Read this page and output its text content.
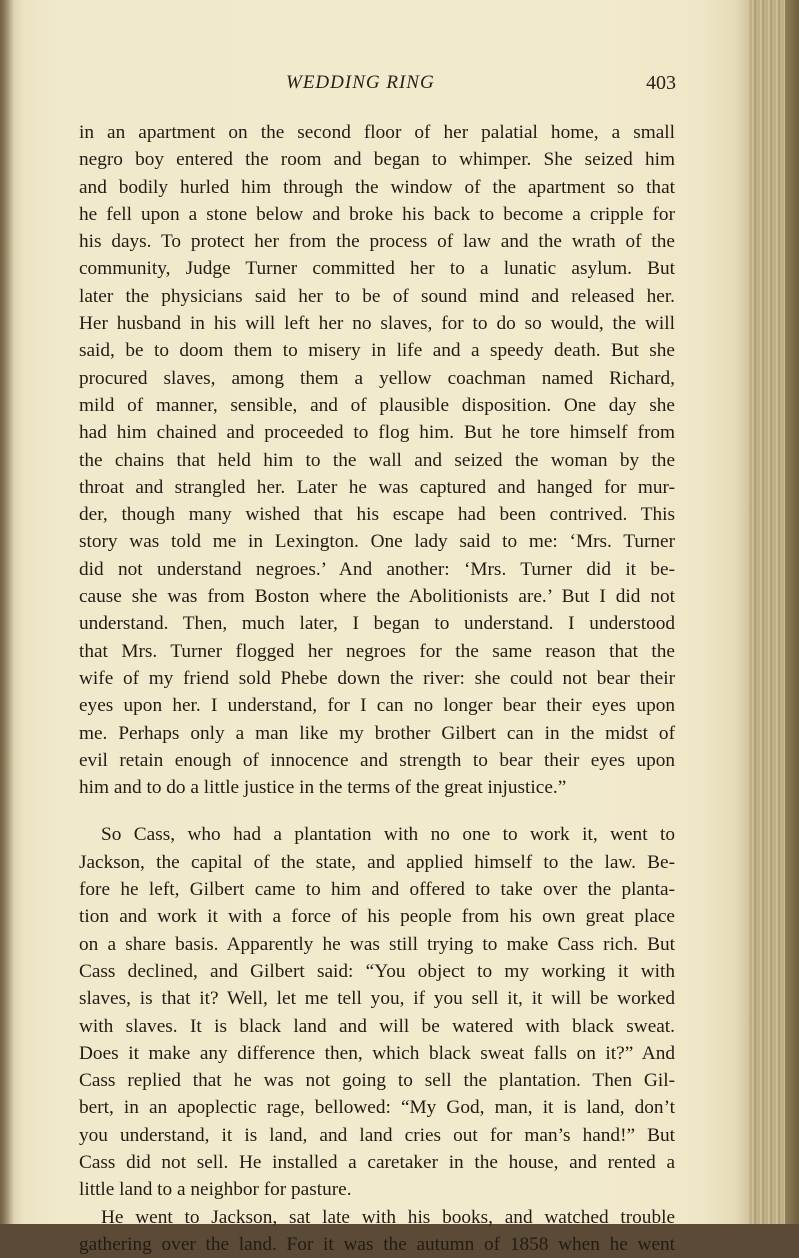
WEDDING RING	403
in an apartment on the second floor of her palatial home, a small
negro boy entered the room and began to whimper. She seized him
and bodily hurled him through the window of the apartment so that
he fell upon a stone below and broke his back to become a cripple for
his days. To protect her from the process of law and the wrath of the
community, Judge Turner committed her to a lunatic asylum. But
later the physicians said her to be of sound mind and released her.
Her husband in his will left her no slaves, for to do so would, the will
said, be to doom them to misery in life and a speedy death. But she
procured slaves, among them a yellow coachman named Richard,
mild of manner, sensible, and of plausible disposition. One day she
had him chained and proceeded to flog him. But he tore himself from
the chains that held him to the wall and seized the woman by the
throat and strangled her. Later he was captured and hanged for mur-
der, though many wished that his escape had been contrived. This
story was told me in Lexington. One lady said to me: ‘Mrs. Turner
did not understand negroes.’ And another: ‘Mrs. Turner did it be-
cause she was from Boston where the Abolitionists are.’ But I did not
understand. Then, much later, I began to understand. I understood
that Mrs. Turner flogged her negroes for the same reason that the
wife of my friend sold Phebe down the river: she could not bear their
eyes upon her. I understand, for I can no longer bear their eyes upon
me. Perhaps only a man like my brother Gilbert can in the midst of
evil retain enough of innocence and strength to bear their eyes upon
him and to do a little justice in the terms of the great injustice.”
So Cass, who had a plantation with no one to work it, went to
Jackson, the capital of the state, and applied himself to the law. Be-
fore he left, Gilbert came to him and offered to take over the planta-
tion and work it with a force of his people from his own great place
on a share basis. Apparently he was still trying to make Cass rich. But
Cass declined, and Gilbert said: “You object to my working it with
slaves, is that it? Well, let me tell you, if you sell it, it will be worked
with slaves. It is black land and will be watered with black sweat.
Does it make any difference then, which black sweat falls on it?” And
Cass replied that he was not going to sell the plantation. Then Gil-
bert, in an apoplectic rage, bellowed: “My God, man, it is land, don’t
you understand, it is land, and land cries out for man’s hand!” But
Cass did not sell. He installed a caretaker in the house, and rented a
little land to a neighbor for pasture.
He went to Jackson, sat late with his books, and watched trouble
gathering over the land. For it was the autumn of 1858 when he went
